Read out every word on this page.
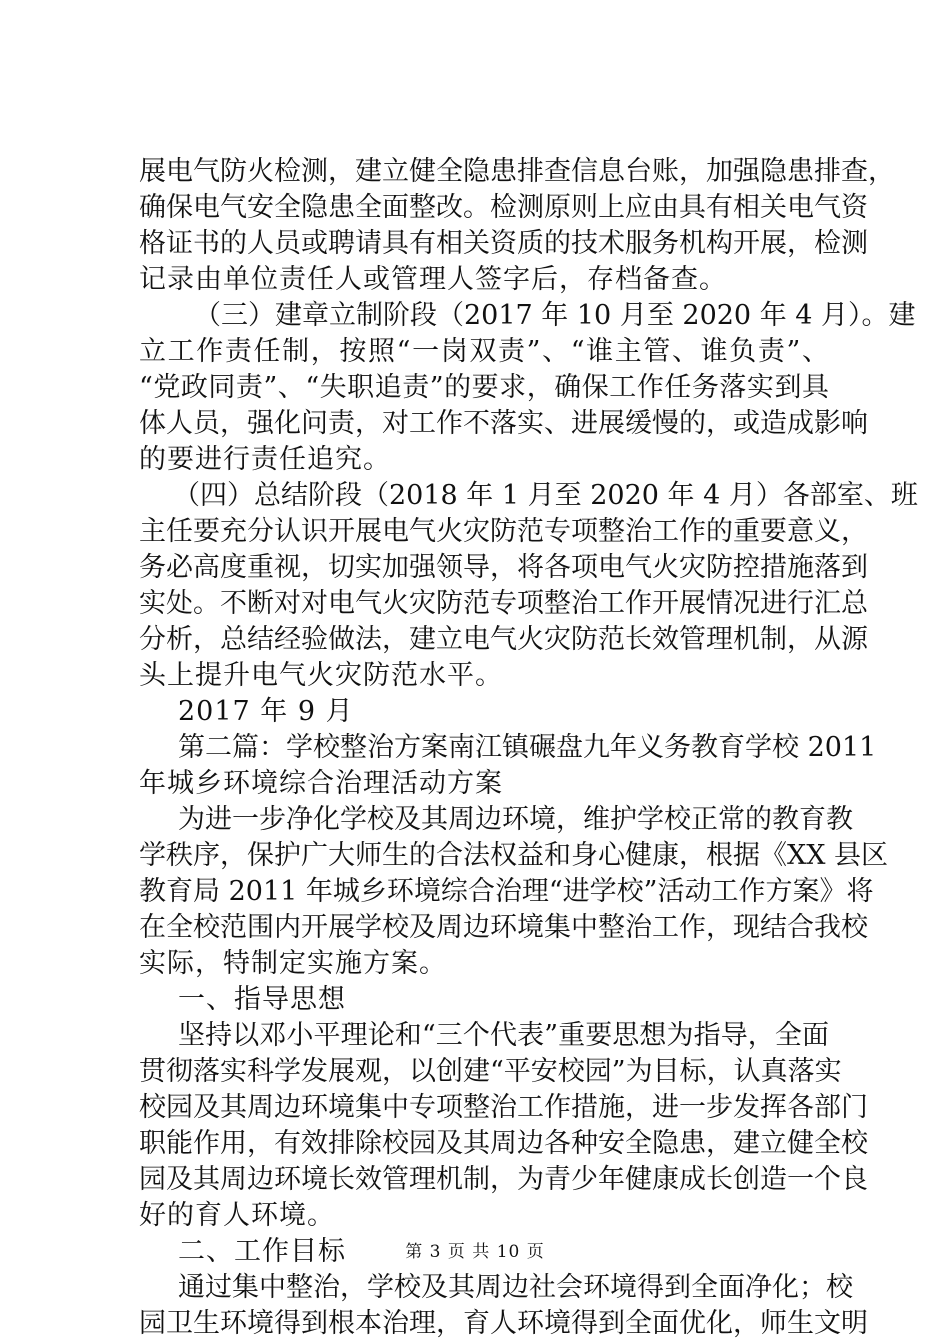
展电气防火检测，建立健全隐患排查信息台账，加强隐患排查，
确保电气安全隐患全面整改。检测原则上应由具有相关电气资
格证书的人员或聘请具有相关资质的技术服务机构开展，检测
记录由单位责任人或管理人签字后，存档备查。
（三）建章立制阶段（2017 年 10 月至 2020 年 4 月）。建
立工作责任制，按照“一岗双责”、“谁主管、谁负责”、
“党政同责”、“失职追责”的要求，确保工作任务落实到具
体人员，强化问责，对工作不落实、进展缓慢的，或造成影响
的要进行责任追究。
（四）总结阶段（2018 年 1 月至 2020 年 4 月）各部室、班
主任要充分认识开展电气火灾防范专项整治工作的重要意义，
务必高度重视，切实加强领导，将各项电气火灾防控措施落到
实处。不断对对电气火灾防范专项整治工作开展情况进行汇总
分析，总结经验做法，建立电气火灾防范长效管理机制，从源
头上提升电气火灾防范水平。
2017 年 9 月
第二篇：学校整治方案南江镇碾盘九年义务教育学校 2011
年城乡环境综合治理活动方案
为进一步净化学校及其周边环境，维护学校正常的教育教
学秩序，保护广大师生的合法权益和身心健康，根据《XX 县区
教育局 2011 年城乡环境综合治理“进学校”活动工作方案》将
在全校范围内开展学校及周边环境集中整治工作，现结合我校
实际，特制定实施方案。
一、指导思想
坚持以邓小平理论和“三个代表”重要思想为指导，全面
贯彻落实科学发展观，以创建“平安校园”为目标，认真落实
校园及其周边环境集中专项整治工作措施，进一步发挥各部门
职能作用，有效排除校园及其周边各种安全隐患，建立健全校
园及其周边环境长效管理机制，为青少年健康成长创造一个良
好的育人环境。
二、工作目标
通过集中整治，学校及其周边社会环境得到全面净化；校
园卫生环境得到根本治理，育人环境得到全面优化，师生文明
第 3 页 共 10 页
